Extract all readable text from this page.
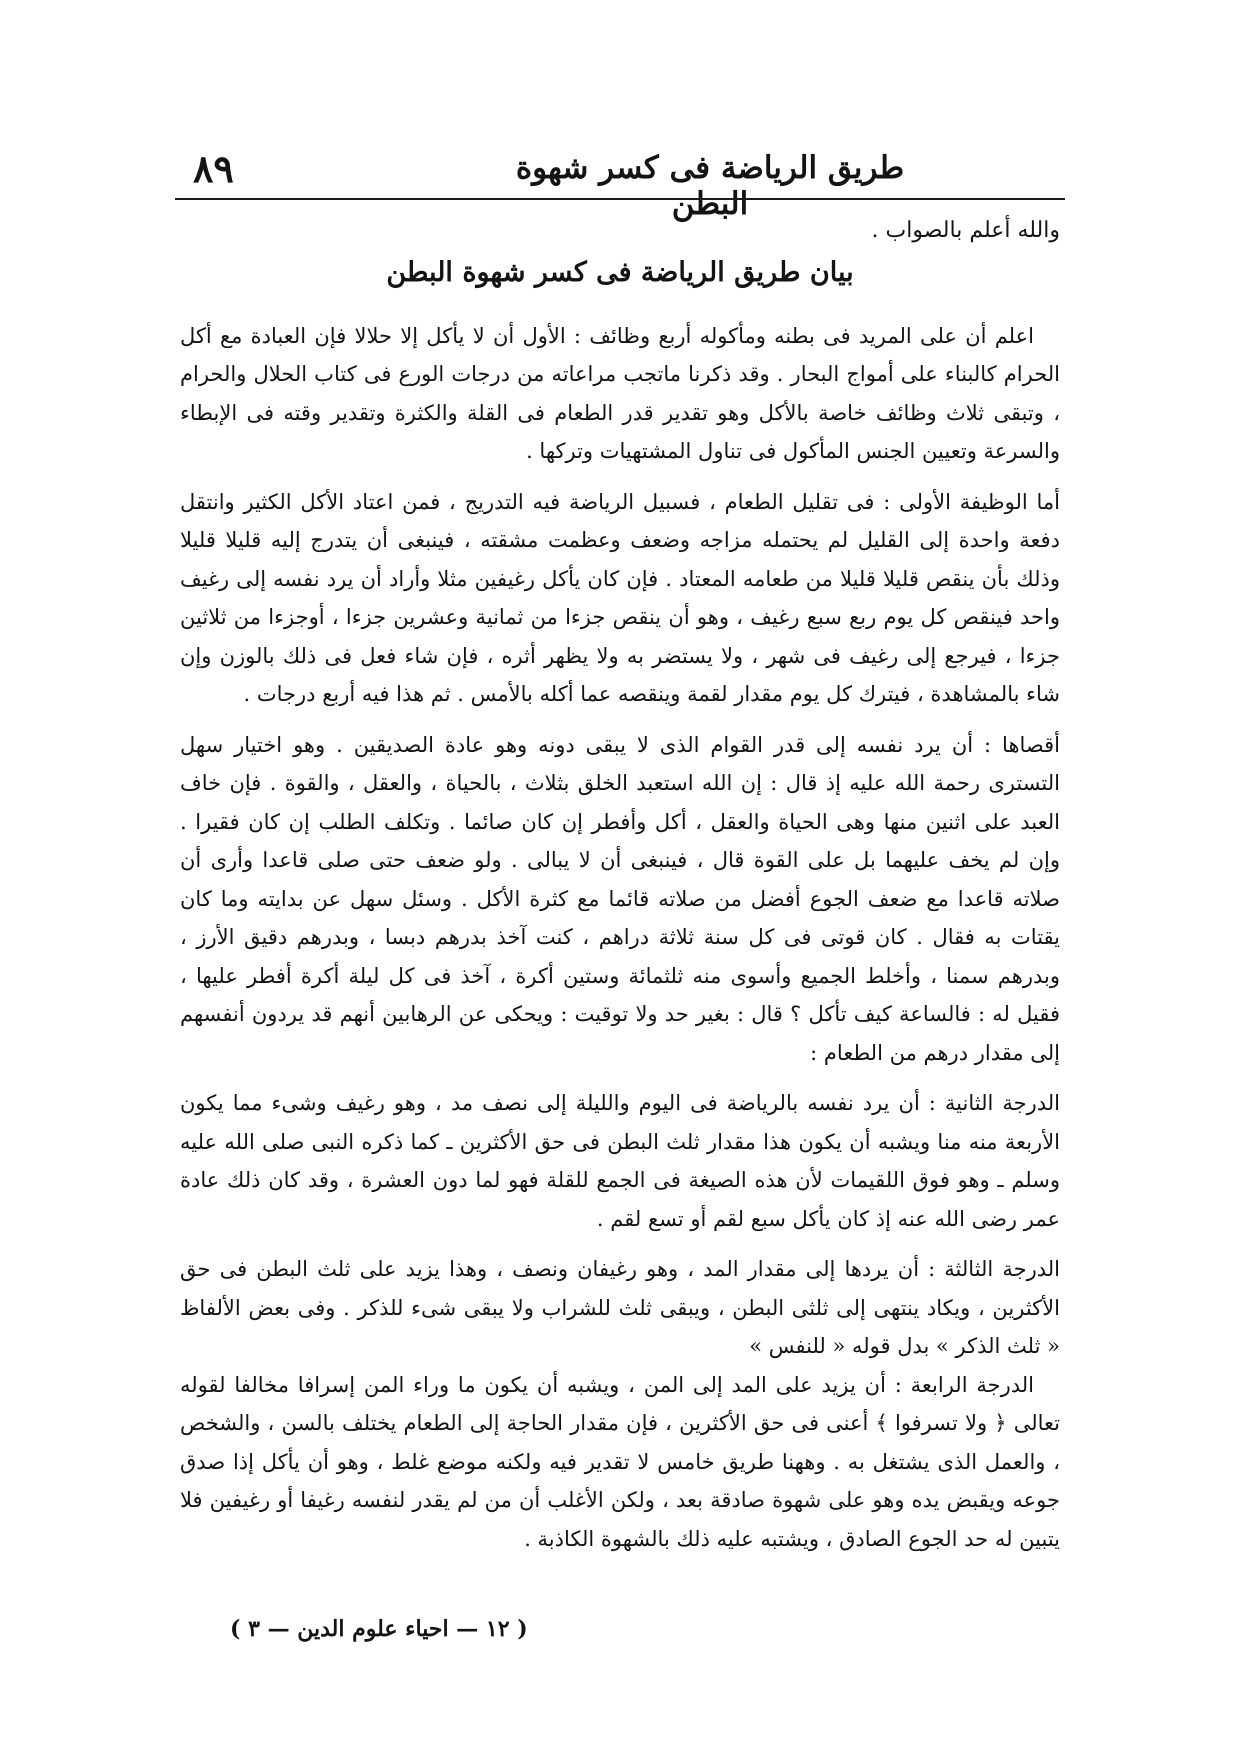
٨٩	طريق الرياضة فى كسر شهوة البطن

والله أعلم بالصواب .

بيان طريق الرياضة فى كسر شهوة البطن

اعلم أن على المريد فى بطنه ومأكوله أربع وظائف : الأول أن لا يأكل إلا حلالا فإن العبادة مع أكل الحرام كالبناء على أمواج البحار . وقد ذكرنا ماتجب مراعاته من درجات الورع فى كتاب الحلال والحرام ، وتبقى ثلاث وظائف خاصة بالأكل وهو تقدير قدر الطعام فى القلة والكثرة وتقدير وقته فى الإبطاء والسرعة وتعيين الجنس المأكول فى تناول المشتهيات وتركها .

أما الوظيفة الأولى : فى تقليل الطعام ، فسبيل الرياضة فيه التدريج ، فمن اعتاد الأكل الكثير وانتقل دفعة واحدة إلى القليل لم يحتمله مزاجه وضعف وعظمت مشقته ، فينبغى أن يتدرج إليه قليلا قليلا وذلك بأن ينقص قليلا قليلا من طعامه المعتاد . فإن كان يأكل رغيفين مثلا وأراد أن يرد نفسه إلى رغيف واحد فينقص كل يوم ربع سبع رغيف ، وهو أن ينقص جزءا من ثمانية وعشرين جزءا ، أوجزءا من ثلاثين جزءا ، فيرجع إلى رغيف فى شهر ، ولا يستضر به ولا يظهر أثره ، فإن شاء فعل فى ذلك بالوزن وإن شاء بالمشاهدة ، فيترك كل يوم مقدار لقمة وينقصه عما أكله بالأمس . ثم هذا فيه أربع درجات .

أقصاها : أن يرد نفسه إلى قدر القوام الذى لا يبقى دونه وهو عادة الصديقين . وهو اختيار سهل التسترى رحمة الله عليه إذ قال : إن الله استعبد الخلق بثلاث ، بالحياة ، والعقل ، والقوة . فإن خاف العبد على اثنين منها وهى الحياة والعقل ، أكل وأفطر إن كان صائما . وتكلف الطلب إن كان فقيرا . وإن لم يخف عليهما بل على القوة قال ، فينبغى أن لا يبالى . ولو ضعف حتى صلى قاعدا وأرى أن صلاته قاعدا مع ضعف الجوع أفضل من صلاته قائما مع كثرة الأكل . وسئل سهل عن بدايته وما كان يقتات به فقال . كان قوتى فى كل سنة ثلاثة دراهم ، كنت آخذ بدرهم دبسا ، وبدرهم دقيق الأرز ، وبدرهم سمنا ، وأخلط الجميع وأسوى منه ثلثمائة وستين أكرة ، آخذ فى كل ليلة أكرة أفطر عليها ، فقيل له : فالساعة كيف تأكل ؟ قال : بغير حد ولا توقيت : ويحكى عن الرهابين أنهم قد يردون أنفسهم إلى مقدار درهم من الطعام :

الدرجة الثانية : أن يرد نفسه بالرياضة فى اليوم والليلة إلى نصف مد ، وهو رغيف وشىء مما يكون الأربعة منه منا ويشبه أن يكون هذا مقدار ثلث البطن فى حق الأكثرين ـ كما ذكره النبى صلى الله عليه وسلم ـ وهو فوق اللقيمات لأن هذه الصيغة فى الجمع للقلة فهو لما دون العشرة ، وقد كان ذلك عادة عمر رضى الله عنه إذ كان يأكل سبع لقم أو تسع لقم .

الدرجة الثالثة : أن يردها إلى مقدار المد ، وهو رغيفان ونصف ، وهذا يزيد على ثلث البطن فى حق الأكثرين ، ويكاد ينتهى إلى ثلثى البطن ، ويبقى ثلث للشراب ولا يبقى شىء للذكر . وفى بعض الألفاظ « ثلث الذكر » بدل قوله « للنفس »

الدرجة الرابعة : أن يزيد على المد إلى المن ، ويشبه أن يكون ما وراء المن إسرافا مخالفا لقوله تعالى ﴿ ولا تسرفوا ﴾ أعنى فى حق الأكثرين ، فإن مقدار الحاجة إلى الطعام يختلف بالسن ، والشخص ، والعمل الذى يشتغل به . وههنا طريق خامس لا تقدير فيه ولكنه موضع غلط ، وهو أن يأكل إذا صدق جوعه ويقبض يده وهو على شهوة صادقة بعد ، ولكن الأغلب أن من لم يقدر لنفسه رغيفا أو رغيفين فلا يتبين له حد الجوع الصادق ، ويشتبه عليه ذلك بالشهوة الكاذبة .

( ١٢ — احياء علوم الدين — ٣ )
